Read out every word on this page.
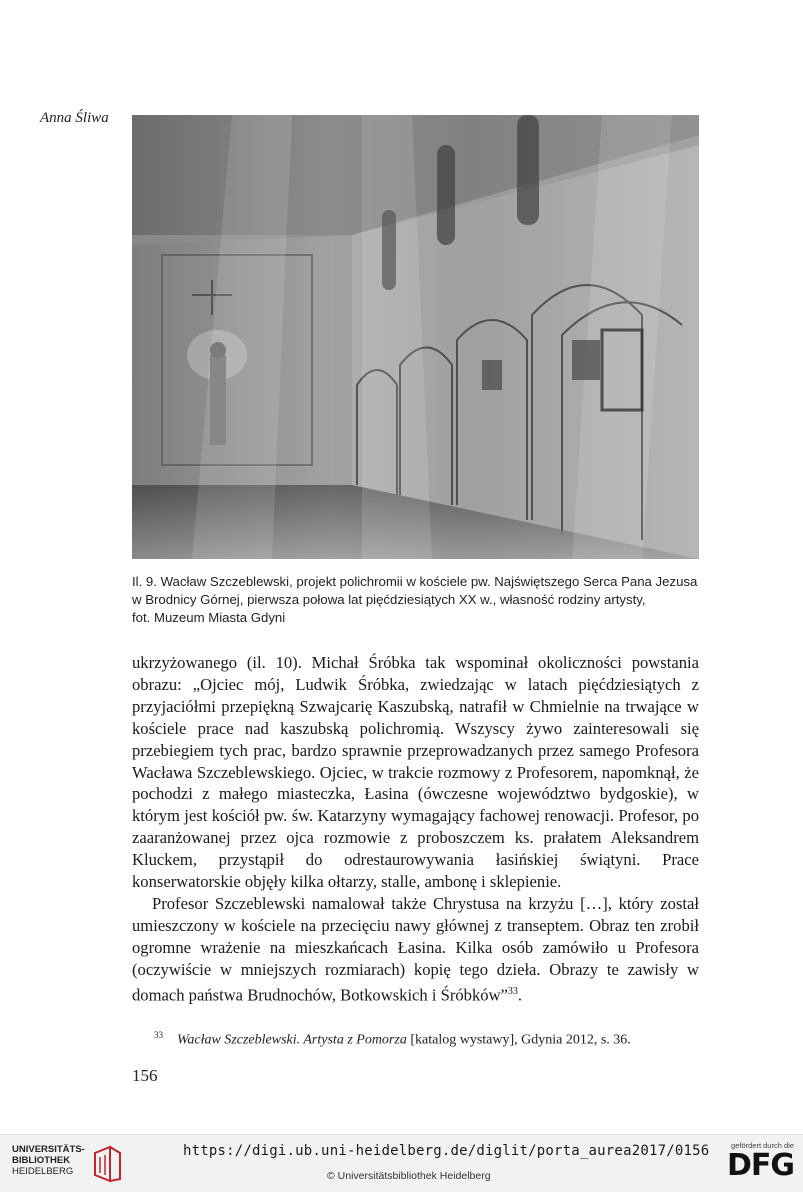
Anna Śliwa
Il. 9. Wacław Szczeblewski, projekt polichromii w kościele pw. Najświętszego Serca Pana Jezusa
w Brodnicy Górnej, pierwsza połowa lat pięćdziesiątych XX w., własność rodziny artysty,
fot. Muzeum Miasta Gdyni

ukrzyżowanego (il. 10). Michał Śróbka tak wspominał okoliczności powstania obrazu: „Ojciec mój, Ludwik Śróbka, zwiedzając w latach pięćdziesiątych z przyjaciółmi przepiękną Szwajcarię Kaszubską, natrafił w Chmielnie na trwające w kościele prace nad kaszubską polichromią. Wszyscy żywo zainteresowali się przebiegiem tych prac, bardzo sprawnie przeprowadzanych przez samego Profesora Wacława Szczeblewskiego. Ojciec, w trakcie rozmowy z Profesorem, napomknął, że pochodzi z małego miasteczka, Łasina (ówczesne województwo bydgoskie), w którym jest kościół pw. św. Katarzyny wymagający fachowej renowacji. Profesor, po zaaranżowanej przez ojca rozmowie z proboszczem ks. prałatem Aleksandrem Kluckem, przystąpił do odrestaurowywania łasińskiej świątyni. Prace konserwatorskie objęły kilka ołtarzy, stalle, ambonę i sklepienie.

Profesor Szczeblewski namalował także Chrystusa na krzyżu […], który został umieszczony w kościele na przecięciu nawy głównej z transeptem. Obraz ten zrobił ogromne wrażenie na mieszkańcach Łasina. Kilka osób zamówiło u Profesora (oczywiście w mniejszych rozmiarach) kopię tego dzieła. Obrazy te zawisły w domach państwa Brudnochów, Botkowskich i Śróbków”$^{33}$.

$^{33}$ Wacław Szczeblewski. Artysta z Pomorza [katalog wystawy], Gdynia 2012, s. 36.
156
UNIVERSITÄTS-
BIBLIOTHEK
HEIDELBERG
https://digi.ub.uni-heidelberg.de/diglit/porta_aurea2017/0156
© Universitätsbibliothek Heidelberg
gefördert durch die
DFG
